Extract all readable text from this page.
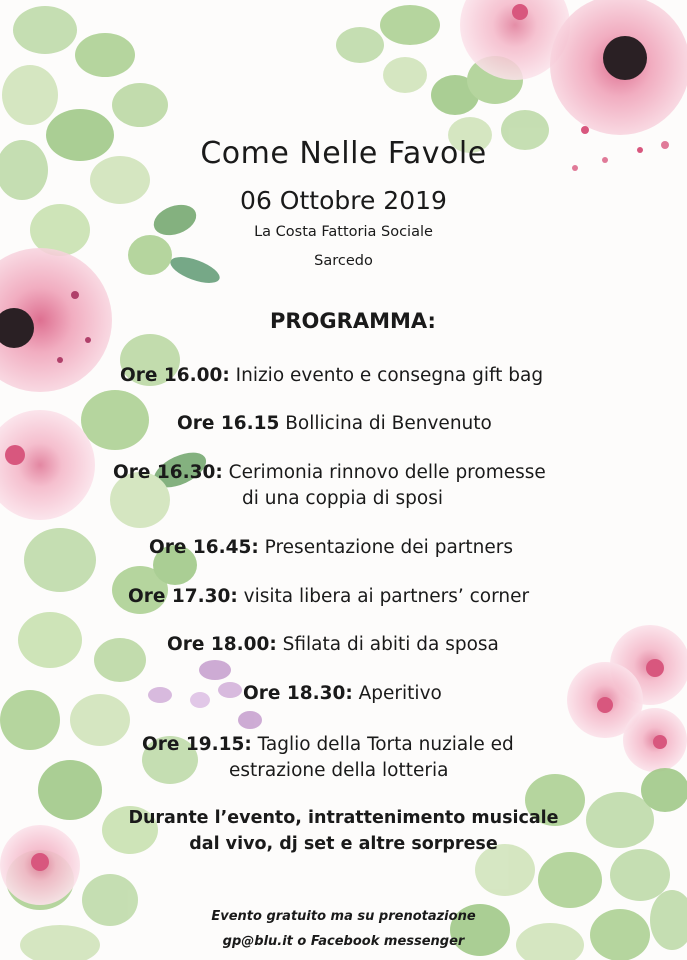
Come Nelle Favole
06 Ottobre 2019
La Costa Fattoria Sociale
Sarcedo
PROGRAMMA:
Ore 16.00: Inizio evento e consegna gift bag
Ore 16.15 Bollicina di Benvenuto
Ore 16.30: Cerimonia rinnovo delle promesse
di una coppia di sposi
Ore 16.45: Presentazione dei partners
Ore 17.30: visita libera ai partners’ corner
Ore 18.00: Sfilata di abiti da sposa
Ore 18.30: Aperitivo
Ore 19.15: Taglio della Torta nuziale ed
estrazione della lotteria
Durante l’evento, intrattenimento musicale
dal vivo, dj set e altre sorprese
Evento gratuito ma su prenotazione
gp@blu.it o Facebook messenger
